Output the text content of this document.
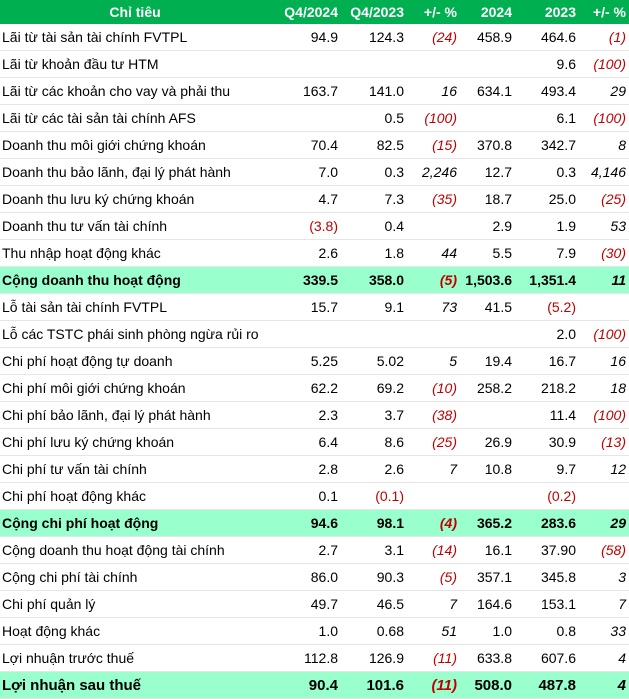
Chỉ tiêu	Q4/2024	Q4/2023	+/- %	2024	2023	+/- %
Lãi từ tài sản tài chính FVTPL	94.9	124.3	(24)	458.9	464.6	(1)
Lãi từ khoản đầu tư HTM					9.6	(100)
Lãi từ các khoản cho vay và phải thu	163.7	141.0	16	634.1	493.4	29
Lãi từ các tài sản tài chính AFS		0.5	(100)		6.1	(100)
Doanh thu môi giới chứng khoán	70.4	82.5	(15)	370.8	342.7	8
Doanh thu bảo lãnh, đại lý phát hành	7.0	0.3	2,246	12.7	0.3	4,146
Doanh thu lưu ký chứng khoán	4.7	7.3	(35)	18.7	25.0	(25)
Doanh thu tư vấn tài chính	(3.8)	0.4		2.9	1.9	53
Thu nhập hoạt động khác	2.6	1.8	44	5.5	7.9	(30)
Cộng doanh thu hoạt động	339.5	358.0	(5)	1,503.6	1,351.4	11
Lỗ tài sản tài chính FVTPL	15.7	9.1	73	41.5	(5.2)	
Lỗ các TSTC phái sinh phòng ngừa rủi ro					2.0	(100)
Chi phí hoạt động tự doanh	5.25	5.02	5	19.4	16.7	16
Chi phí môi giới chứng khoán	62.2	69.2	(10)	258.2	218.2	18
Chi phí bảo lãnh, đại lý phát hành	2.3	3.7	(38)		11.4	(100)
Chi phí lưu ký chứng khoán	6.4	8.6	(25)	26.9	30.9	(13)
Chi phí tư vấn tài chính	2.8	2.6	7	10.8	9.7	12
Chi phí hoạt động khác	0.1	(0.1)			(0.2)	
Cộng chi phí hoạt động	94.6	98.1	(4)	365.2	283.6	29
Cộng doanh thu hoạt động tài chính	2.7	3.1	(14)	16.1	37.90	(58)
Cộng chi phí tài chính	86.0	90.3	(5)	357.1	345.8	3
Chi phí quản lý	49.7	46.5	7	164.6	153.1	7
Hoạt động khác	1.0	0.68	51	1.0	0.8	33
Lợi nhuận trước thuế	112.8	126.9	(11)	633.8	607.6	4
Lợi nhuận sau thuế	90.4	101.6	(11)	508.0	487.8	4
